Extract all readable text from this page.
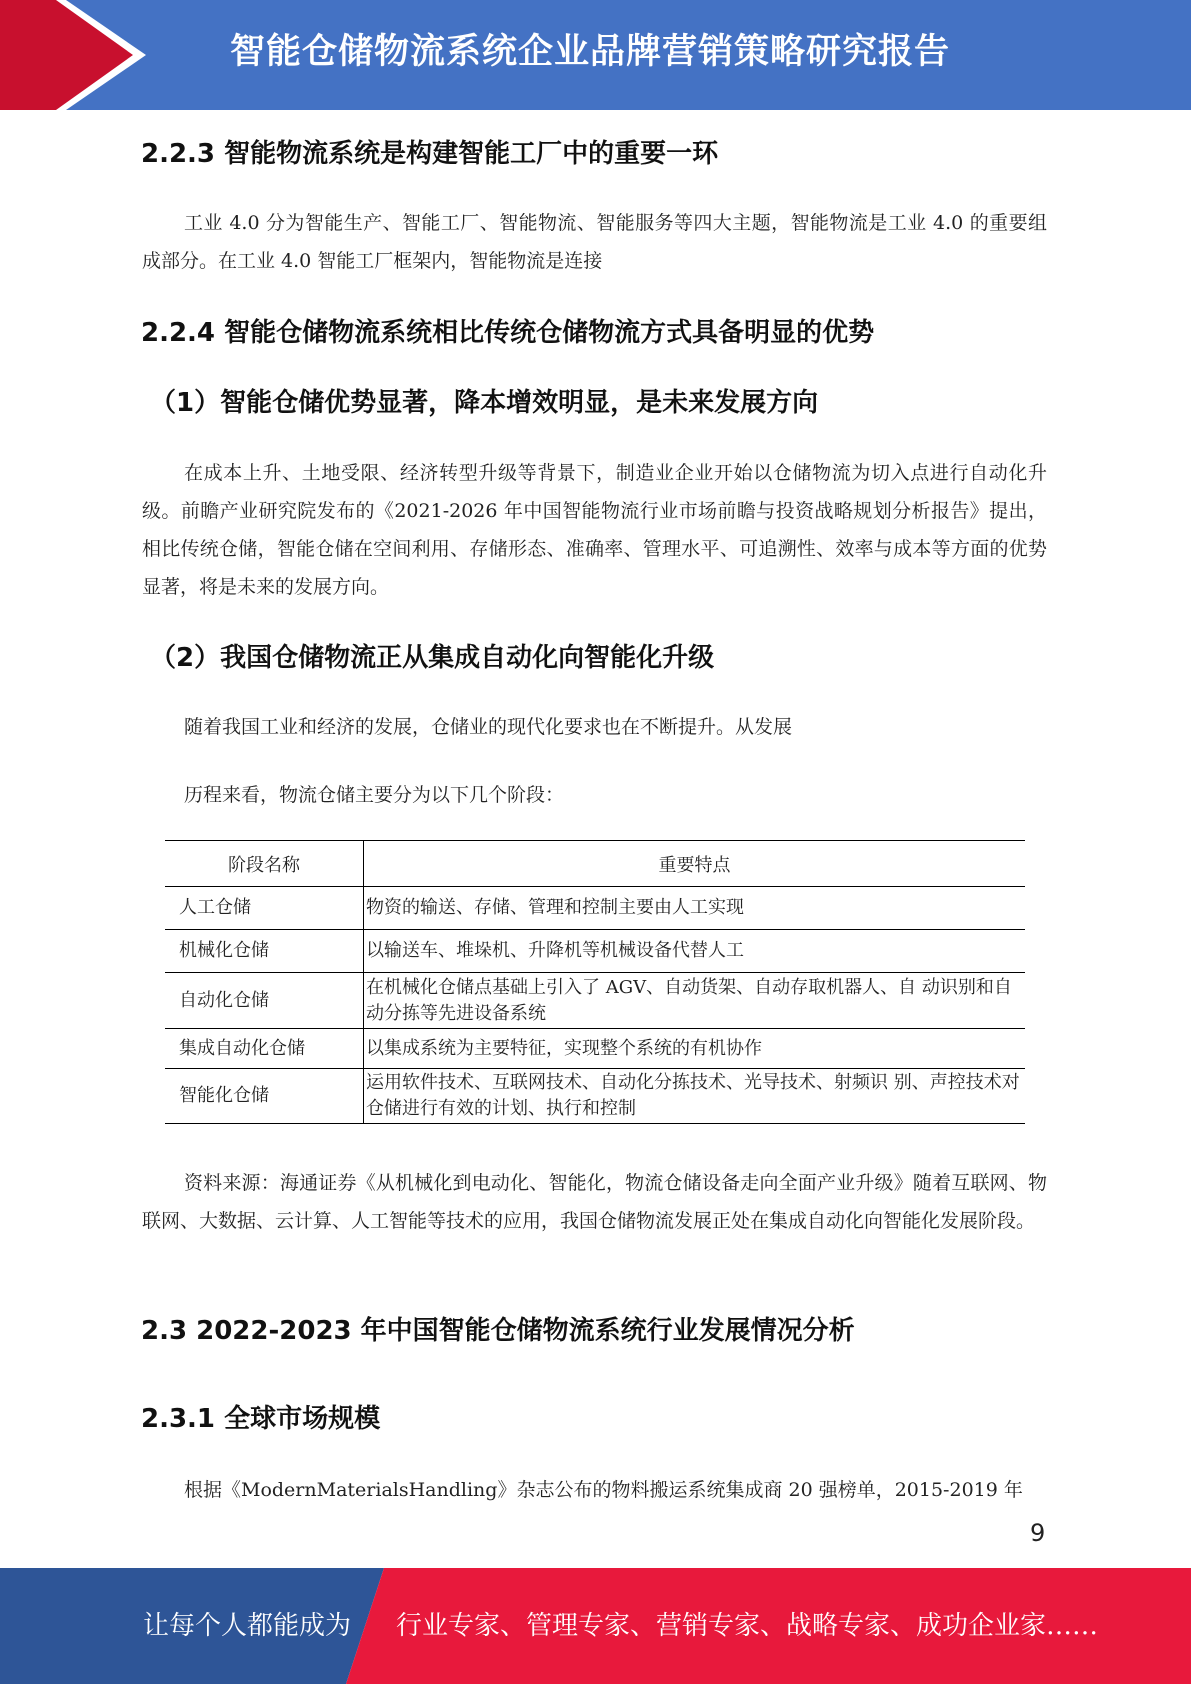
智能仓储物流系统企业品牌营销策略研究报告
2.2.3 智能物流系统是构建智能工厂中的重要一环
工业 4.0 分为智能生产、智能工厂、智能物流、智能服务等四大主题，智能物流是工业 4.0 的重要组成部分。在工业 4.0 智能工厂框架内，智能物流是连接
2.2.4 智能仓储物流系统相比传统仓储物流方式具备明显的优势
（1）智能仓储优势显著，降本增效明显，是未来发展方向
在成本上升、土地受限、经济转型升级等背景下，制造业企业开始以仓储物流为切入点进行自动化升级。前瞻产业研究院发布的《2021-2026 年中国智能物流行业市场前瞻与投资战略规划分析报告》提出，相比传统仓储，智能仓储在空间利用、存储形态、准确率、管理水平、可追溯性、效率与成本等方面的优势显著，将是未来的发展方向。
（2）我国仓储物流正从集成自动化向智能化升级
随着我国工业和经济的发展，仓储业的现代化要求也在不断提升。从发展
历程来看，物流仓储主要分为以下几个阶段：
阶段名称	重要特点
人工仓储	物资的输送、存储、管理和控制主要由人工实现
机械化仓储	以输送车、堆垛机、升降机等机械设备代替人工
自动化仓储	在机械化仓储点基础上引入了 AGV、自动货架、自动存取机器人、自 动识别和自动分拣等先进设备系统
集成自动化仓储	以集成系统为主要特征，实现整个系统的有机协作
智能化仓储	运用软件技术、互联网技术、自动化分拣技术、光导技术、射频识 别、声控技术对仓储进行有效的计划、执行和控制
资料来源：海通证券《从机械化到电动化、智能化，物流仓储设备走向全面产业升级》随着互联网、物联网、大数据、云计算、人工智能等技术的应用，我国仓储物流发展正处在集成自动化向智能化发展阶段。
2.3 2022-2023 年中国智能仓储物流系统行业发展情况分析
2.3.1 全球市场规模
根据《ModernMaterialsHandling》杂志公布的物料搬运系统集成商 20 强榜单，2015-2019 年
9
让每个人都能成为 行业专家、管理专家、营销专家、战略专家、成功企业家……
